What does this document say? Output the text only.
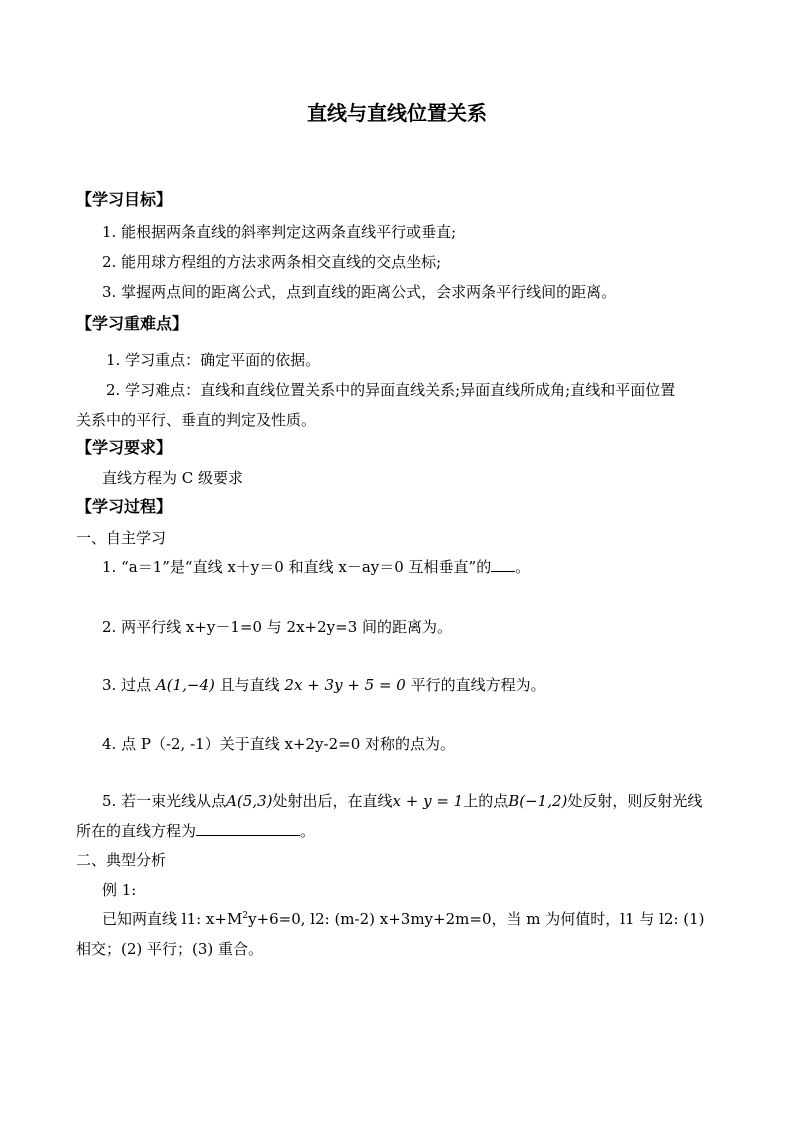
直线与直线位置关系
【学习目标】
1. 能根据两条直线的斜率判定这两条直线平行或垂直;
2. 能用球方程组的方法求两条相交直线的交点坐标;
3. 掌握两点间的距离公式，点到直线的距离公式，会求两条平行线间的距离。
【学习重难点】
1. 学习重点：确定平面的依据。
2. 学习难点：直线和直线位置关系中的异面直线关系;异面直线所成角;直线和平面位置
关系中的平行、垂直的判定及性质。
【学习要求】
直线方程为 C 级要求
【学习过程】
一、自主学习
1. “a＝1”是“直线 x＋y＝0 和直线 x－ay＝0 互相垂直”的 。
2. 两平行线 x+y－1=0 与 2x+2y=3 间的距离为。
3. 过点 A(1,−4) 且与直线 2x + 3y + 5 = 0 平行的直线方程为。
4. 点 P（-2, -1）关于直线 x+2y-2=0 对称的点为。
5. 若一束光线从点A(5,3)处射出后，在直线x + y = 1上的点B(−1,2)处反射，则反射光线
所在的直线方程为	。
二、典型分析
例 1:
已知两直线 l1: $x+M^2y+6=0$, l2: (m-2) x+3my+2m=0，当 m 为何值时，l1 与 l2: (1)
相交；(2) 平行；(3) 重合。
